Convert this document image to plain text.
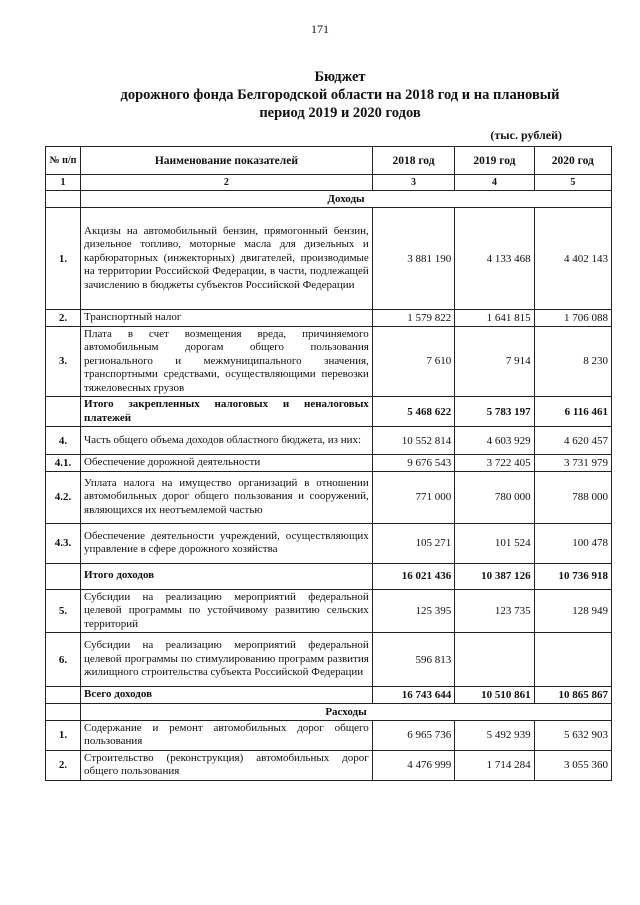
171
Бюджет
дорожного фонда Белгородской области на 2018 год и на плановый
период 2019 и 2020 годов
(тыс. рублей)
№ п/п	Наименование показателей	2018 год	2019 год	2020 год
1	2	3	4	5
	Доходы			
1.	Акцизы на автомобильный бензин, прямогонный бензин, дизельное топливо, моторные масла для дизельных и карбюраторных (инжекторных) двигателей, производимые на территории Российской Федерации, в части, подлежащей зачислению в бюджеты субъектов Российской Федерации	3 881 190	4 133 468	4 402 143
2.	Транспортный налог	1 579 822	1 641 815	1 706 088
3.	Плата в счет возмещения вреда, причиняемого автомобильным дорогам общего пользования регионального и межмуниципального значения, транспортными средствами, осуществляющими перевозки тяжеловесных грузов	7 610	7 914	8 230
	Итого закрепленных налоговых и неналоговых платежей	5 468 622	5 783 197	6 116 461
4.	Часть общего объема доходов областного бюджета, из них:	10 552 814	4 603 929	4 620 457
4.1.	Обеспечение дорожной деятельности	9 676 543	3 722 405	3 731 979
4.2.	Уплата налога на имущество организаций в отношении автомобильных дорог общего пользования и сооружений, являющихся их неотъемлемой частью	771 000	780 000	788 000
4.3.	Обеспечение деятельности учреждений, осуществляющих управление в сфере дорожного хозяйства	105 271	101 524	100 478
	Итого доходов	16 021 436	10 387 126	10 736 918
5.	Субсидии на реализацию мероприятий федеральной целевой программы по устойчивому развитию сельских территорий	125 395	123 735	128 949
6.	Субсидии на реализацию мероприятий федеральной целевой программы по стимулированию программ развития жилищного строительства субъекта Российской Федерации	596 813		
	Всего доходов	16 743 644	10 510 861	10 865 867
	Расходы			
1.	Содержание и ремонт автомобильных дорог общего пользования	6 965 736	5 492 939	5 632 903
2.	Строительство (реконструкция) автомобильных дорог общего пользования	4 476 999	1 714 284	3 055 360
